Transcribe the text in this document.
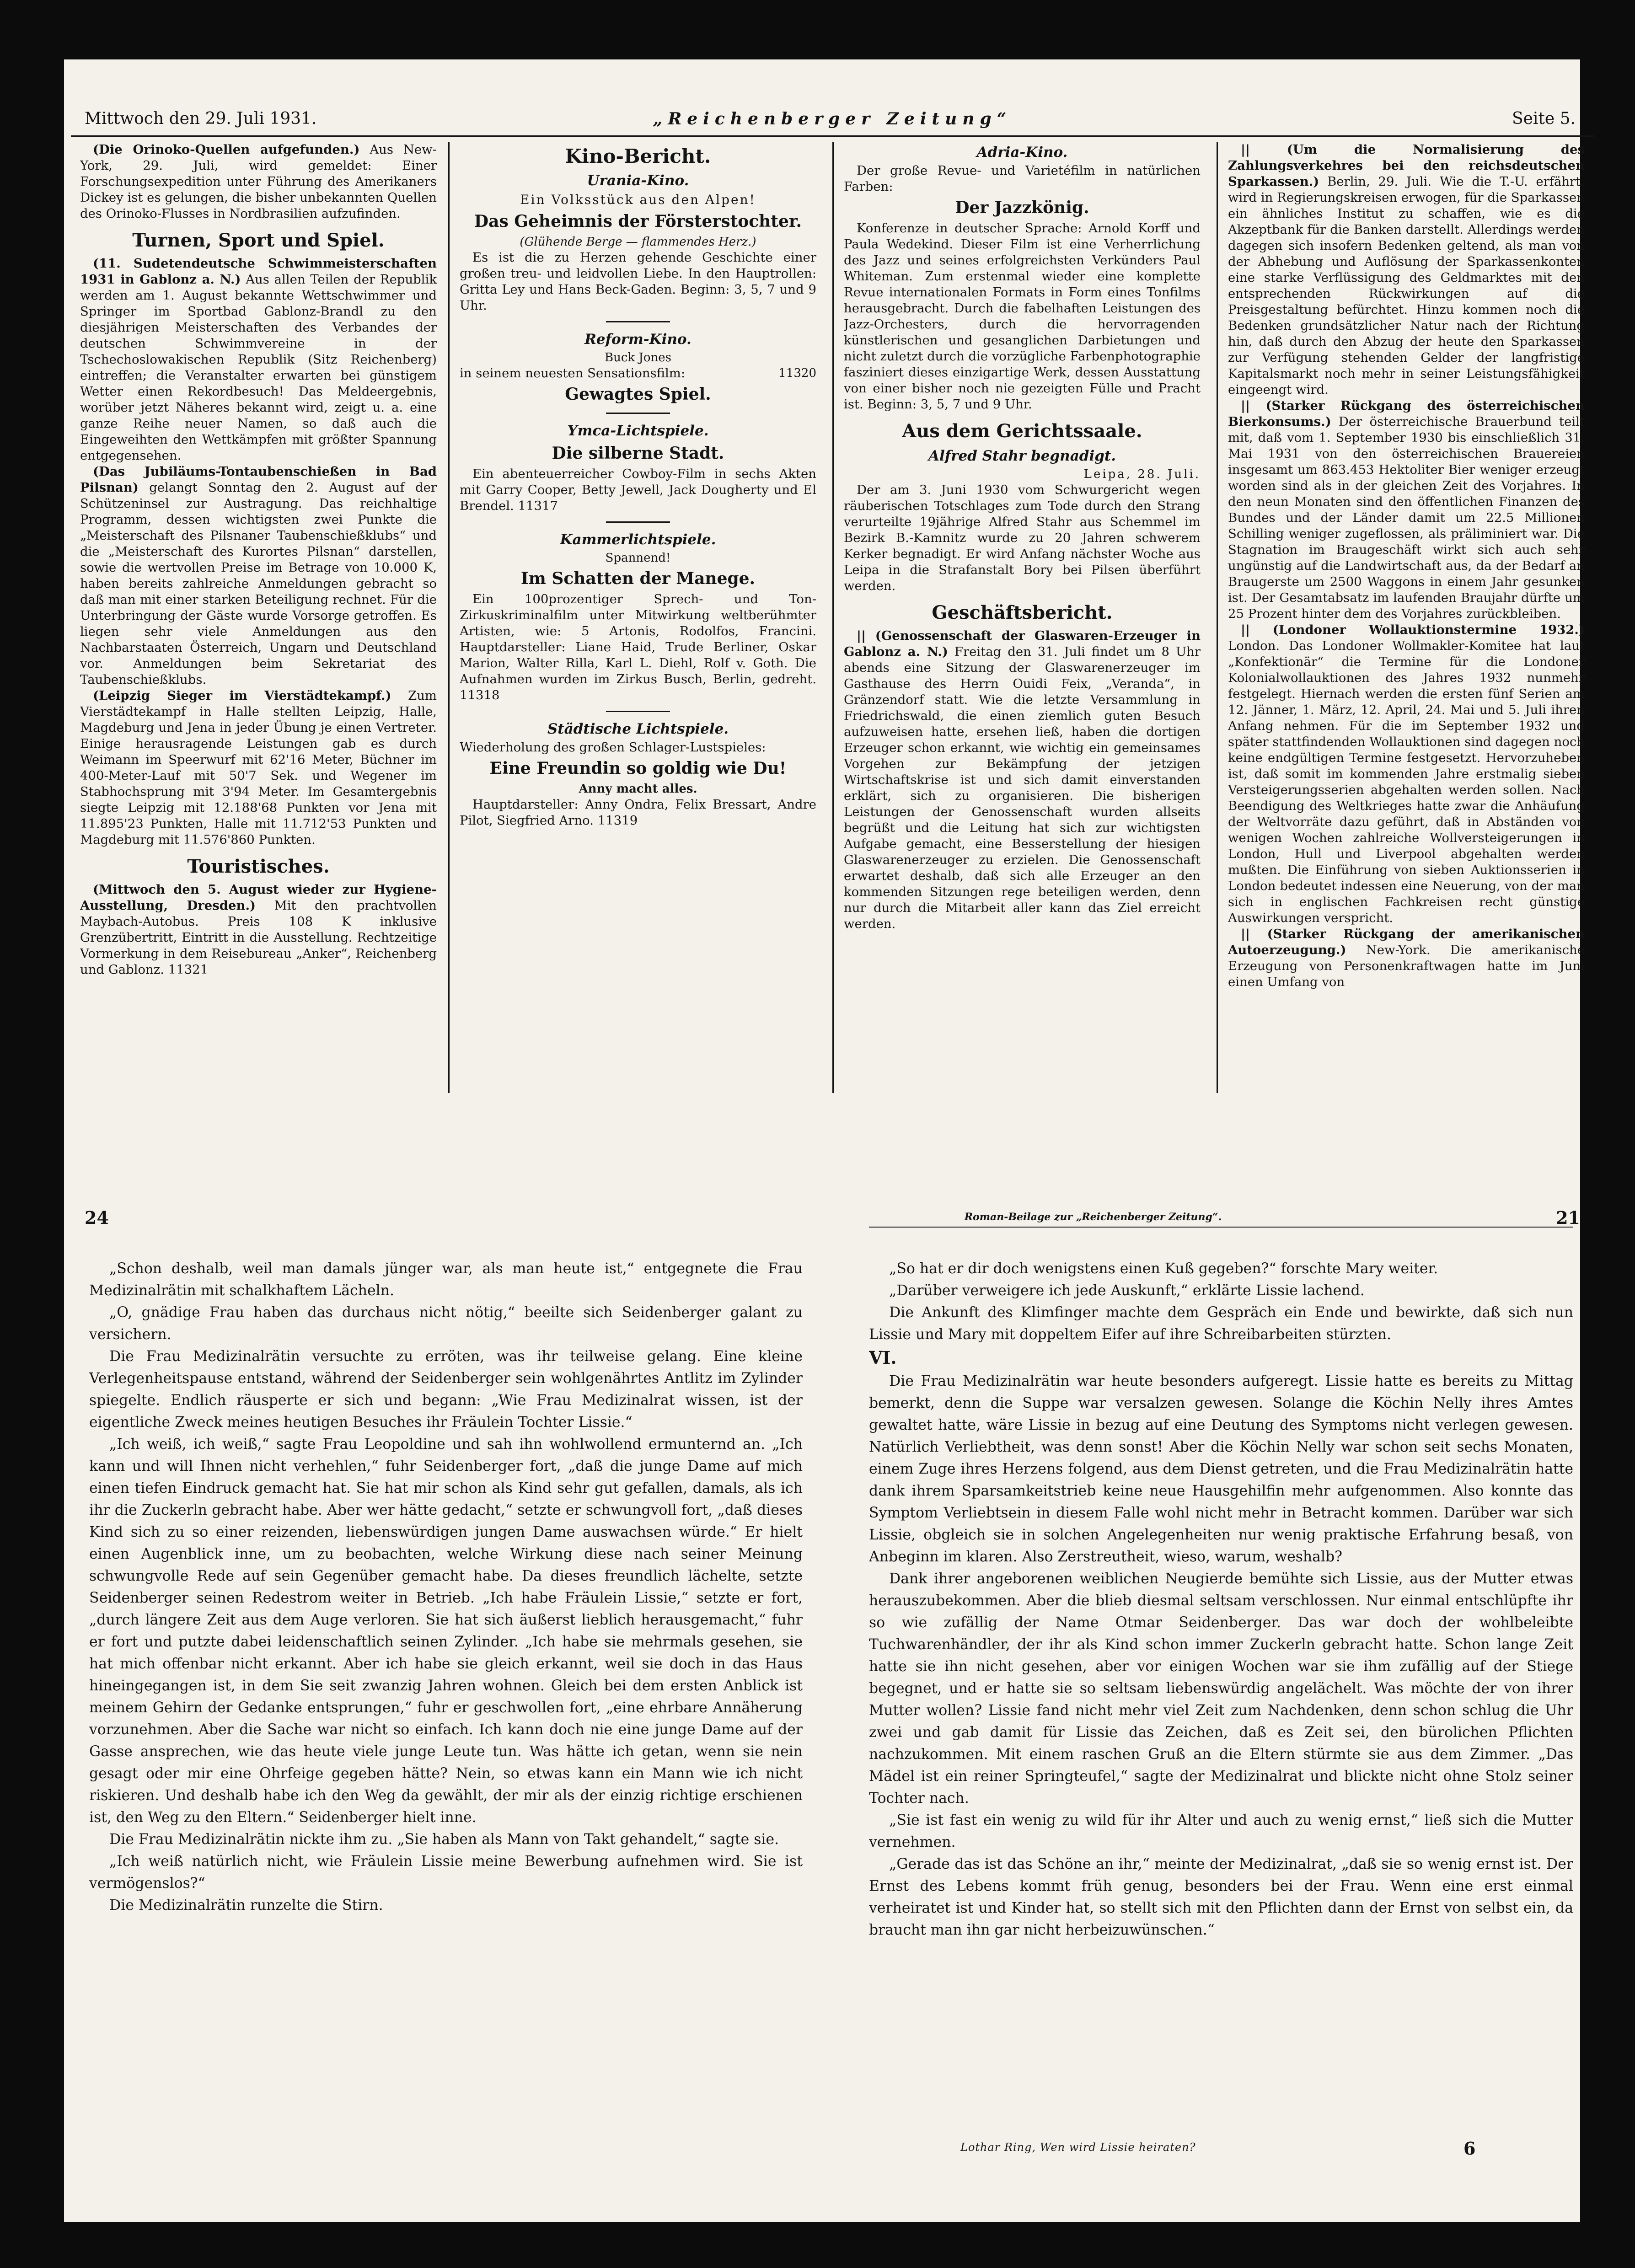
Mittwoch den 29. Juli 1931.	„Reichenberger Zeitung“	Seite 5.

(Die Orinoko-Quellen aufgefunden.) Aus New-York, 29. Juli, wird gemeldet: Einer Forschungsexpedition unter Führung des Amerikaners Dickey ist es gelungen, die bisher unbekannten Quellen des Orinoko-Flusses in Nordbrasilien aufzufinden.

Turnen, Sport und Spiel.

(11. Sudetendeutsche Schwimmeisterschaften 1931 in Gablonz a. N.) Aus allen Teilen der Republik werden am 1. August bekannte Wettschwimmer und Springer im Sportbad Gablonz-Brandl zu den diesjährigen Meisterschaften des Verbandes der deutschen Schwimmvereine in der Tschechoslowakischen Republik (Sitz Reichenberg) eintreffen; die Veranstalter erwarten bei günstigem Wetter einen Rekordbesuch! Das Meldeergebnis, worüber jetzt Näheres bekannt wird, zeigt u. a. eine ganze Reihe neuer Namen, so daß auch die Eingeweihten den Wettkämpfen mit größter Spannung entgegensehen.

(Das Jubiläums-Tontaubenschießen in Bad Pilsnan) gelangt Sonntag den 2. August auf der Schützeninsel zur Austragung. Das reichhaltige Programm, dessen wichtigsten zwei Punkte die „Meisterschaft des Pilsnaner Taubenschießklubs“ und die „Meisterschaft des Kurortes Pilsnan“ darstellen, sowie die wertvollen Preise im Betrage von 10.000 K, haben bereits zahlreiche Anmeldungen gebracht so daß man mit einer starken Beteiligung rechnet. Für die Unterbringung der Gäste wurde Vorsorge getroffen. Es liegen sehr viele Anmeldungen aus den Nachbarstaaten Österreich, Ungarn und Deutschland vor. Anmeldungen beim Sekretariat des Taubenschießklubs.

(Leipzig Sieger im Vierstädtekampf.) Zum Vierstädtekampf in Halle stellten Leipzig, Halle, Magdeburg und Jena in jeder Übung je einen Vertreter. Einige herausragende Leistungen gab es durch Weimann im Speerwurf mit 62'16 Meter, Büchner im 400-Meter-Lauf mit 50'7 Sek. und Wegener im Stabhochsprung mit 3'94 Meter. Im Gesamtergebnis siegte Leipzig mit 12.188'68 Punkten vor Jena mit 11.895'23 Punkten, Halle mit 11.712'53 Punkten und Magdeburg mit 11.576'860 Punkten.

Touristisches.

(Mittwoch den 5. August wieder zur Hygiene-Ausstellung, Dresden.) Mit den prachtvollen Maybach-Autobus. Preis 108 K inklusive Grenzübertritt, Eintritt in die Ausstellung. Rechtzeitige Vormerkung in dem Reisebureau „Anker“, Reichenberg und Gablonz. 11321

Kino-Bericht.
Urania-Kino.
Ein Volksstück aus den Alpen!
Das Geheimnis der Försterstochter.
(Glühende Berge — flammendes Herz.)

Es ist die zu Herzen gehende Geschichte einer großen treu- und leidvollen Liebe. In den Hauptrollen: Gritta Ley und Hans Beck-Gaden. Beginn: 3, 5, 7 und 9 Uhr.

Reform-Kino.
Buck Jones
in seinem neuesten Sensationsfilm:	11320
Gewagtes Spiel.
Ymca-Lichtspiele.
Die silberne Stadt.

Ein abenteuerreicher Cowboy-Film in sechs Akten mit Garry Cooper, Betty Jewell, Jack Dougherty und El Brendel. 11317

Kammerlichtspiele.
Spannend!
Im Schatten der Manege.

Ein 100prozentiger Sprech- und Ton-Zirkuskriminalfilm unter Mitwirkung weltberühmter Artisten, wie: 5 Artonis, Rodolfos, Francini. Hauptdarsteller: Liane Haid, Trude Berliner, Oskar Marion, Walter Rilla, Karl L. Diehl, Rolf v. Goth. Die Aufnahmen wurden im Zirkus Busch, Berlin, gedreht. 11318

Städtische Lichtspiele.

Wiederholung des großen Schlager-Lustspieles:

Eine Freundin so goldig wie Du!
Anny macht alles.

Hauptdarsteller: Anny Ondra, Felix Bressart, Andre Pilot, Siegfried Arno. 11319

Adria-Kino.

Der große Revue- und Varietéfilm in natürlichen Farben:

Der Jazzkönig.

Konferenze in deutscher Sprache: Arnold Korff und Paula Wedekind. Dieser Film ist eine Verherrlichung des Jazz und seines erfolgreichsten Verkünders Paul Whiteman. Zum erstenmal wieder eine komplette Revue internationalen Formats in Form eines Tonfilms herausgebracht. Durch die fabelhaften Leistungen des Jazz-Orchesters, durch die hervorragenden künstlerischen und gesanglichen Darbietungen und nicht zuletzt durch die vorzügliche Farbenphotographie fasziniert dieses einzigartige Werk, dessen Ausstattung von einer bisher noch nie gezeigten Fülle und Pracht ist. Beginn: 3, 5, 7 und 9 Uhr.

Aus dem Gerichtssaale.
Alfred Stahr begnadigt.
Leipa, 28. Juli.

Der am 3. Juni 1930 vom Schwurgericht wegen räuberischen Totschlages zum Tode durch den Strang verurteilte 19jährige Alfred Stahr aus Schemmel im Bezirk B.-Kamnitz wurde zu 20 Jahren schwerem Kerker begnadigt. Er wird Anfang nächster Woche aus Leipa in die Strafanstalt Bory bei Pilsen überführt werden.

Geschäftsbericht.

|| (Genossenschaft der Glaswaren-Erzeuger in Gablonz a. N.) Freitag den 31. Juli findet um 8 Uhr abends eine Sitzung der Glaswarenerzeuger im Gasthause des Herrn Ouidi Feix, „Veranda“, in Gränzendorf statt. Wie die letzte Versammlung in Friedrichswald, die einen ziemlich guten Besuch aufzuweisen hatte, ersehen ließ, haben die dortigen Erzeuger schon erkannt, wie wichtig ein gemeinsames Vorgehen zur Bekämpfung der jetzigen Wirtschaftskrise ist und sich damit einverstanden erklärt, sich zu organisieren. Die bisherigen Leistungen der Genossenschaft wurden allseits begrüßt und die Leitung hat sich zur wichtigsten Aufgabe gemacht, eine Besserstellung der hiesigen Glaswarenerzeuger zu erzielen. Die Genossenschaft erwartet deshalb, daß sich alle Erzeuger an den kommenden Sitzungen rege beteiligen werden, denn nur durch die Mitarbeit aller kann das Ziel erreicht werden.

|| (Um die Normalisierung des Zahlungsverkehres bei den reichsdeutschen Sparkassen.) Berlin, 29. Juli. Wie die T.-U. erfährt, wird in Regierungskreisen erwogen, für die Sparkassen ein ähnliches Institut zu schaffen, wie es die Akzeptbank für die Banken darstellt. Allerdings werden dagegen sich insofern Bedenken geltend, als man von der Abhebung und Auflösung der Sparkassenkonten eine starke Verflüssigung des Geldmarktes mit den entsprechenden Rückwirkungen auf die Preisgestaltung befürchtet. Hinzu kommen noch die Bedenken grundsätzlicher Natur nach der Richtung hin, daß durch den Abzug der heute den Sparkassen zur Verfügung stehenden Gelder der langfristige Kapitalsmarkt noch mehr in seiner Leistungsfähigkeit eingeengt wird.

|| (Starker Rückgang des österreichischen Bierkonsums.) Der österreichische Brauerbund teilt mit, daß vom 1. September 1930 bis einschließlich 31. Mai 1931 von den österreichischen Brauereien insgesamt um 863.453 Hektoliter Bier weniger erzeugt worden sind als in der gleichen Zeit des Vorjahres. In den neun Monaten sind den öffentlichen Finanzen des Bundes und der Länder damit um 22.5 Millionen Schilling weniger zugeflossen, als präliminiert war. Die Stagnation im Braugeschäft wirkt sich auch sehr ungünstig auf die Landwirtschaft aus, da der Bedarf an Braugerste um 2500 Waggons in einem Jahr gesunken ist. Der Gesamtabsatz im laufenden Braujahr dürfte um 25 Prozent hinter dem des Vorjahres zurückbleiben.

|| (Londoner Wollauktionstermine 1932.) London. Das Londoner Wollmakler-Komitee hat laut „Konfektionär“ die Termine für die Londoner Kolonialwollauktionen des Jahres 1932 nunmehr festgelegt. Hiernach werden die ersten fünf Serien am 12. Jänner, 1. März, 12. April, 24. Mai und 5. Juli ihren Anfang nehmen. Für die im September 1932 und später stattfindenden Wollauktionen sind dagegen noch keine endgültigen Termine festgesetzt. Hervorzuheben ist, daß somit im kommenden Jahre erstmalig sieben Versteigerungsserien abgehalten werden sollen. Nach Beendigung des Weltkrieges hatte zwar die Anhäufung der Weltvorräte dazu geführt, daß in Abständen von wenigen Wochen zahlreiche Wollversteigerungen in London, Hull und Liverpool abgehalten werden mußten. Die Einführung von sieben Auktionsserien in London bedeutet indessen eine Neuerung, von der man sich in englischen Fachkreisen recht günstige Auswirkungen verspricht.

|| (Starker Rückgang der amerikanischen Autoerzeugung.) New-York. Die amerikanische Erzeugung von Personenkraftwagen hatte im Juni einen Umfang von

24	Roman-Beilage zur „Reichenberger Zeitung“.	21

„Schon deshalb, weil man damals jünger war, als man heute ist,“ entgegnete die Frau Medizinalrätin mit schalkhaftem Lächeln.

„O, gnädige Frau haben das durchaus nicht nötig,“ beeilte sich Seidenberger galant zu versichern.

Die Frau Medizinalrätin versuchte zu erröten, was ihr teilweise gelang. Eine kleine Verlegenheitspause entstand, während der Seidenberger sein wohlgenährtes Antlitz im Zylinder spiegelte. Endlich räusperte er sich und begann: „Wie Frau Medizinalrat wissen, ist der eigentliche Zweck meines heutigen Besuches ihr Fräulein Tochter Lissie.“

„Ich weiß, ich weiß,“ sagte Frau Leopoldine und sah ihn wohlwollend ermunternd an. „Ich kann und will Ihnen nicht verhehlen,“ fuhr Seidenberger fort, „daß die junge Dame auf mich einen tiefen Eindruck gemacht hat. Sie hat mir schon als Kind sehr gut gefallen, damals, als ich ihr die Zuckerln gebracht habe. Aber wer hätte gedacht,“ setzte er schwungvoll fort, „daß dieses Kind sich zu so einer reizenden, liebenswürdigen jungen Dame auswachsen würde.“ Er hielt einen Augenblick inne, um zu beobachten, welche Wirkung diese nach seiner Meinung schwungvolle Rede auf sein Gegenüber gemacht habe. Da dieses freundlich lächelte, setzte Seidenberger seinen Redestrom weiter in Betrieb. „Ich habe Fräulein Lissie,“ setzte er fort, „durch längere Zeit aus dem Auge verloren. Sie hat sich äußerst lieblich herausgemacht,“ fuhr er fort und putzte dabei leidenschaftlich seinen Zylinder. „Ich habe sie mehrmals gesehen, sie hat mich offenbar nicht erkannt. Aber ich habe sie gleich erkannt, weil sie doch in das Haus hineingegangen ist, in dem Sie seit zwanzig Jahren wohnen. Gleich bei dem ersten Anblick ist meinem Gehirn der Gedanke entsprungen,“ fuhr er geschwollen fort, „eine ehrbare Annäherung vorzunehmen. Aber die Sache war nicht so einfach. Ich kann doch nie eine junge Dame auf der Gasse ansprechen, wie das heute viele junge Leute tun. Was hätte ich getan, wenn sie nein gesagt oder mir eine Ohrfeige gegeben hätte? Nein, so etwas kann ein Mann wie ich nicht riskieren. Und deshalb habe ich den Weg da gewählt, der mir als der einzig richtige erschienen ist, den Weg zu den Eltern.“ Seidenberger hielt inne.

Die Frau Medizinalrätin nickte ihm zu. „Sie haben als Mann von Takt gehandelt,“ sagte sie.

„Ich weiß natürlich nicht, wie Fräulein Lissie meine Bewerbung aufnehmen wird. Sie ist vermögenslos?“

Die Medizinalrätin runzelte die Stirn.

„So hat er dir doch wenigstens einen Kuß gegeben?“ forschte Mary weiter.

„Darüber verweigere ich jede Auskunft,“ erklärte Lissie lachend.

Die Ankunft des Klimfinger machte dem Gespräch ein Ende und bewirkte, daß sich nun Lissie und Mary mit doppeltem Eifer auf ihre Schreibarbeiten stürzten.

VI.

Die Frau Medizinalrätin war heute besonders aufgeregt. Lissie hatte es bereits zu Mittag bemerkt, denn die Suppe war versalzen gewesen. Solange die Köchin Nelly ihres Amtes gewaltet hatte, wäre Lissie in bezug auf eine Deutung des Symptoms nicht verlegen gewesen. Natürlich Verliebtheit, was denn sonst! Aber die Köchin Nelly war schon seit sechs Monaten, einem Zuge ihres Herzens folgend, aus dem Dienst getreten, und die Frau Medizinalrätin hatte dank ihrem Sparsamkeitstrieb keine neue Hausgehilfin mehr aufgenommen. Also konnte das Symptom Verliebtsein in diesem Falle wohl nicht mehr in Betracht kommen. Darüber war sich Lissie, obgleich sie in solchen Angelegenheiten nur wenig praktische Erfahrung besaß, von Anbeginn im klaren. Also Zerstreutheit, wieso, warum, weshalb?

Dank ihrer angeborenen weiblichen Neugierde bemühte sich Lissie, aus der Mutter etwas herauszubekommen. Aber die blieb diesmal seltsam verschlossen. Nur einmal entschlüpfte ihr so wie zufällig der Name Otmar Seidenberger. Das war doch der wohlbeleibte Tuchwarenhändler, der ihr als Kind schon immer Zuckerln gebracht hatte. Schon lange Zeit hatte sie ihn nicht gesehen, aber vor einigen Wochen war sie ihm zufällig auf der Stiege begegnet, und er hatte sie so seltsam liebenswürdig angelächelt. Was möchte der von ihrer Mutter wollen? Lissie fand nicht mehr viel Zeit zum Nachdenken, denn schon schlug die Uhr zwei und gab damit für Lissie das Zeichen, daß es Zeit sei, den bürolichen Pflichten nachzukommen. Mit einem raschen Gruß an die Eltern stürmte sie aus dem Zimmer. „Das Mädel ist ein reiner Springteufel,“ sagte der Medizinalrat und blickte nicht ohne Stolz seiner Tochter nach.

„Sie ist fast ein wenig zu wild für ihr Alter und auch zu wenig ernst,“ ließ sich die Mutter vernehmen.

„Gerade das ist das Schöne an ihr,“ meinte der Medizinalrat, „daß sie so wenig ernst ist. Der Ernst des Lebens kommt früh genug, besonders bei der Frau. Wenn eine erst einmal verheiratet ist und Kinder hat, so stellt sich mit den Pflichten dann der Ernst von selbst ein, da braucht man ihn gar nicht herbeizuwünschen.“

Lothar Ring, Wen wird Lissie heiraten?	6
